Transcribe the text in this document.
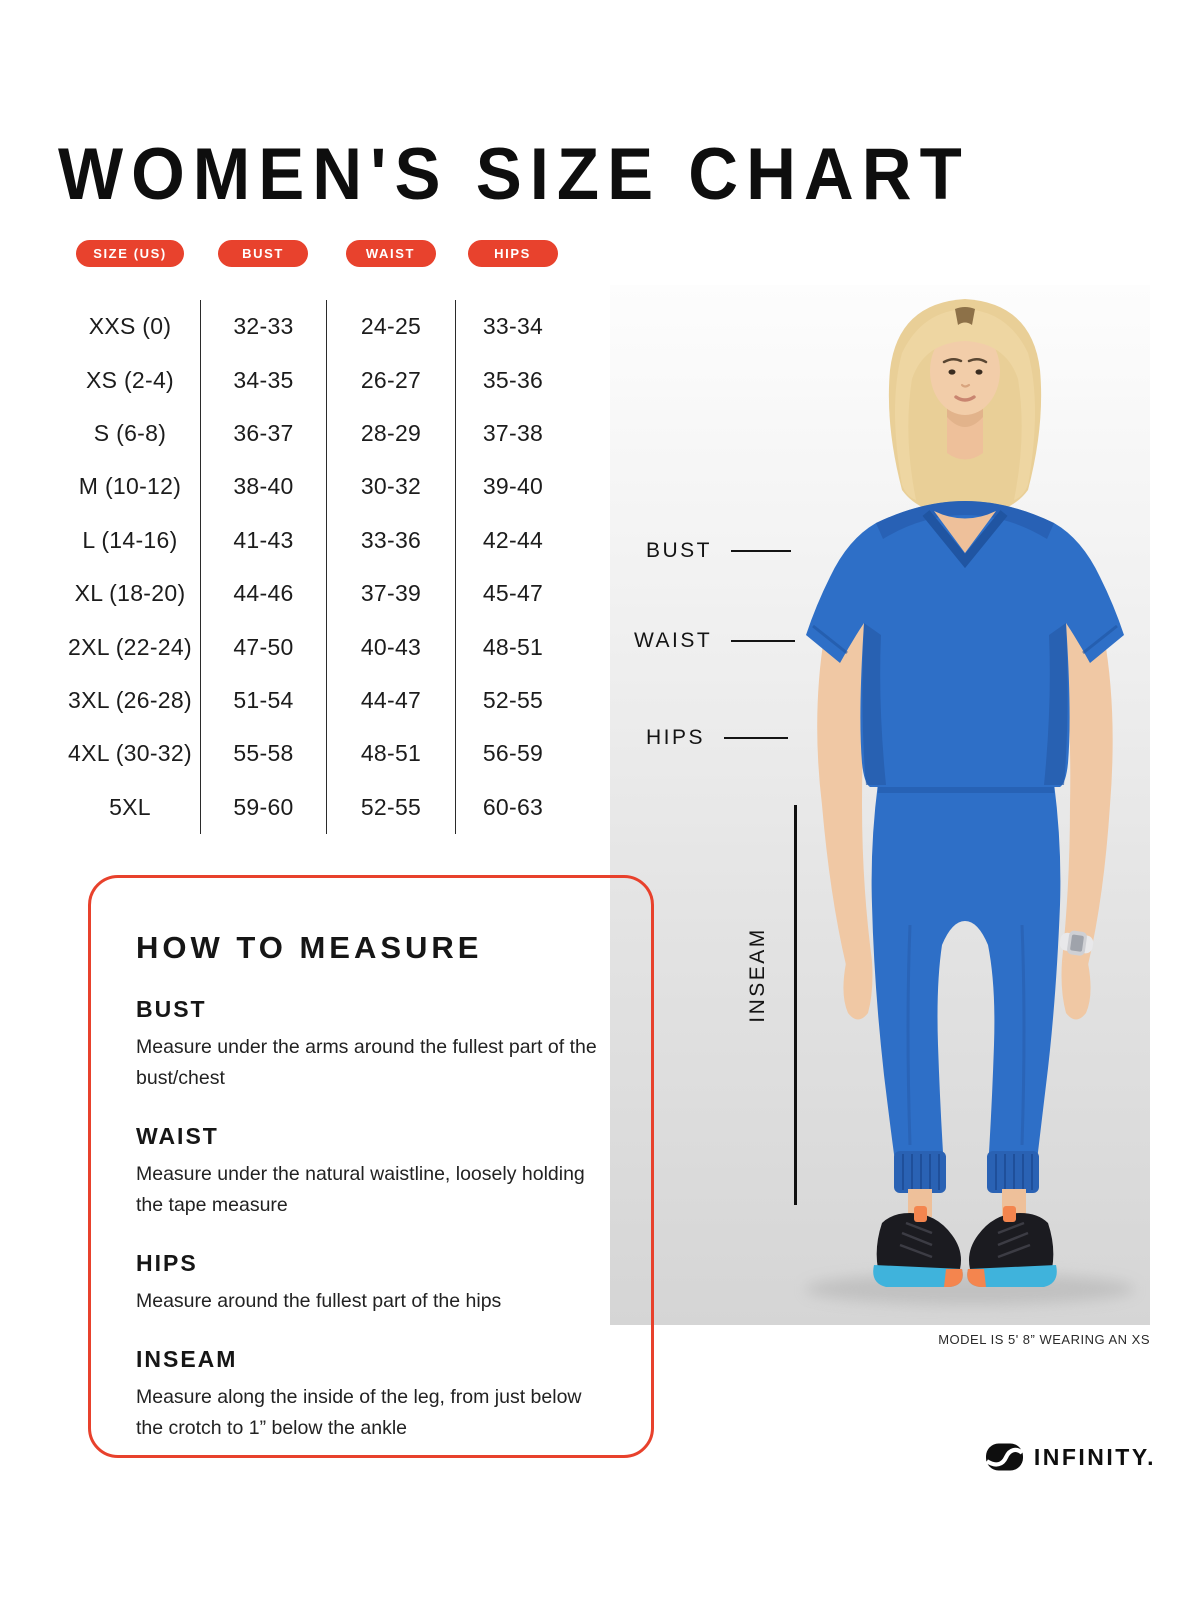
WOMEN'S SIZE CHART
SIZE (US)	BUST	WAIST	HIPS
XXS (0)	32-33	24-25	33-34
XS (2-4)	34-35	26-27	35-36
S (6-8)	36-37	28-29	37-38
M (10-12)	38-40	30-32	39-40
L (14-16)	41-43	33-36	42-44
XL (18-20)	44-46	37-39	45-47
2XL (22-24)	47-50	40-43	48-51
3XL (26-28)	51-54	44-47	52-55
4XL (30-32)	55-58	48-51	56-59
5XL	59-60	52-55	60-63
BUST
WAIST
HIPS
INSEAM
MODEL IS 5' 8” WEARING AN XS
HOW TO MEASURE
BUST

Measure under the arms around the fullest part of the bust/chest

WAIST

Measure under the natural waistline, loosely holding the tape measure

HIPS

Measure around the fullest part of the hips

INSEAM

Measure along the inside of the leg, from just below the crotch to 1” below the ankle

INFINITY.
